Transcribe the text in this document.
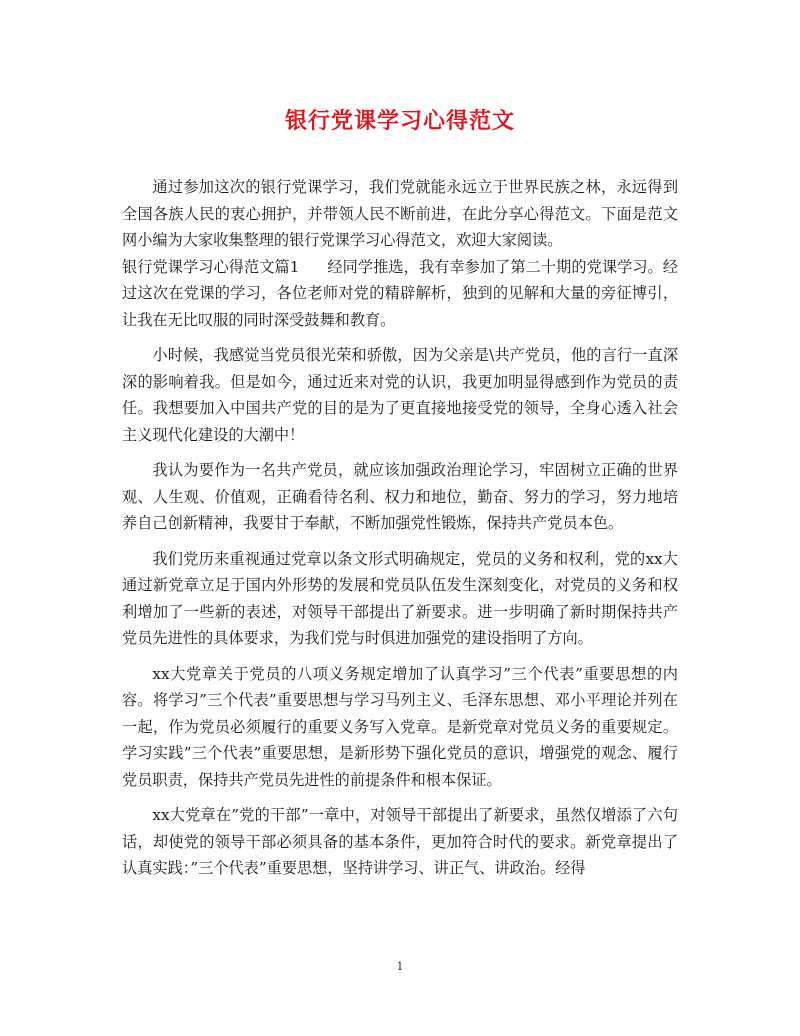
银行党课学习心得范文

通过参加这次的银行党课学习，我们党就能永远立于世界民族之林，永远得到全国各族人民的衷心拥护，并带领人民不断前进，在此分享心得范文。下面是范文网小编为大家收集整理的银行党课学习心得范文，欢迎大家阅读。

银行党课学习心得范文篇1 经同学推选，我有幸参加了第二十期的党课学习。经过这次在党课的学习，各位老师对党的精辟解析，独到的见解和大量的旁征博引，让我在无比叹服的同时深受鼓舞和教育。

小时候，我感觉当党员很光荣和骄傲，因为父亲是\共产党员，他的言行一直深深的影响着我。但是如今，通过近来对党的认识，我更加明显得感到作为党员的责任。我想要加入中国共产党的目的是为了更直接地接受党的领导，全身心透入社会主义现代化建设的大潮中！

我认为要作为一名共产党员，就应该加强政治理论学习，牢固树立正确的世界观、人生观、价值观，正确看待名利、权力和地位，勤奋、努力的学习，努力地培养自己创新精神，我要甘于奉献，不断加强党性锻炼，保持共产党员本色。

我们党历来重视通过党章以条文形式明确规定，党员的义务和权利，党的xx大通过新党章立足于国内外形势的发展和党员队伍发生深刻变化，对党员的义务和权利增加了一些新的表述，对领导干部提出了新要求。进一步明确了新时期保持共产党员先进性的具体要求，为我们党与时俱进加强党的建设指明了方向。

xx大党章关于党员的八项义务规定增加了认真学习”三个代表”重要思想的内容。将学习”三个代表”重要思想与学习马列主义、毛泽东思想、邓小平理论并列在一起，作为党员必须履行的重要义务写入党章。是新党章对党员义务的重要规定。学习实践”三个代表”重要思想，是新形势下强化党员的意识，增强党的观念、履行党员职责，保持共产党员先进性的前提条件和根本保证。

xx大党章在”党的干部”一章中，对领导干部提出了新要求，虽然仅增添了六句话，却使党的领导干部必须具备的基本条件，更加符合时代的要求。新党章提出了认真实践：”三个代表”重要思想，坚持讲学习、讲正气、讲政治。经得

1
